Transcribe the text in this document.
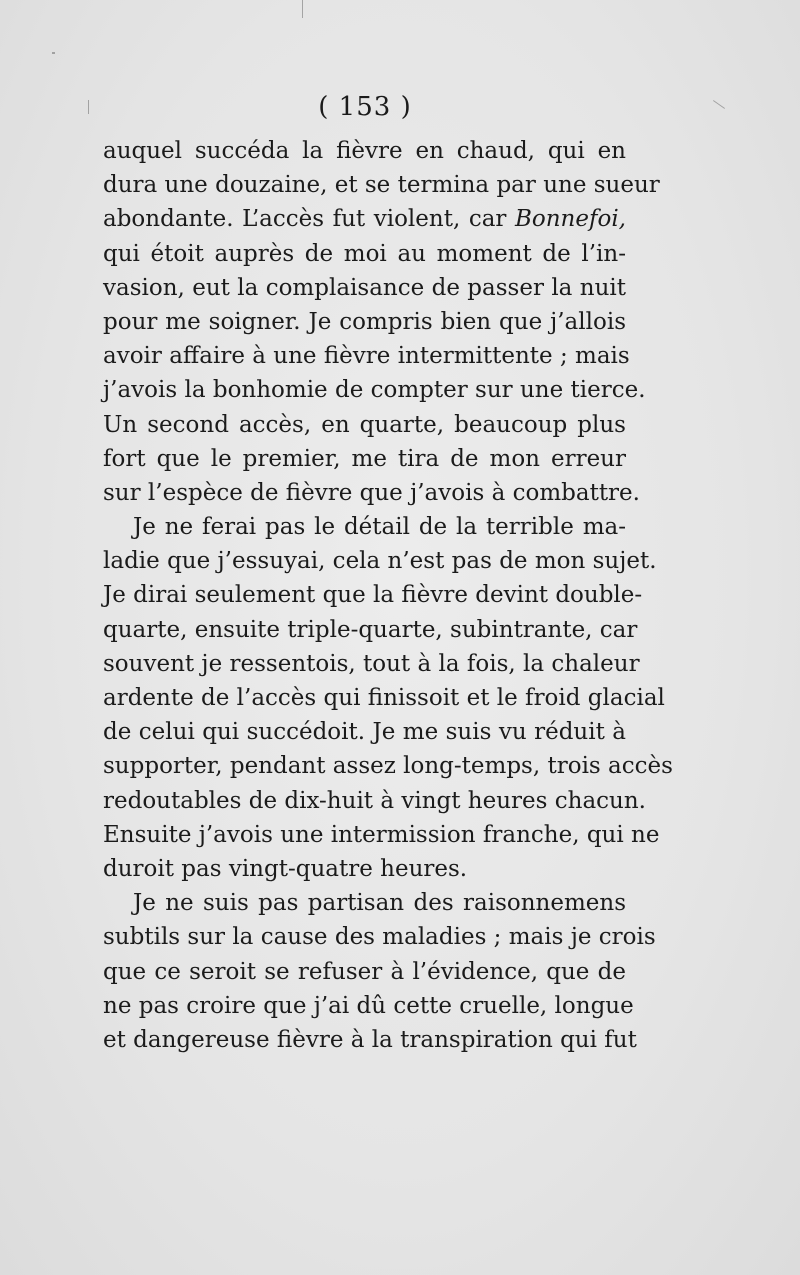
( 153 )
auquel succéda la fièvre en chaud, qui en
dura une douzaine, et se termina par une sueur
abondante. L’accès fut violent, car Bonnefoi,
qui étoit auprès de moi au moment de l’in-
vasion, eut la complaisance de passer la nuit
pour me soigner. Je compris bien que j’allois
avoir affaire à une fièvre intermittente ; mais
j’avois la bonhomie de compter sur une tierce.
Un second accès, en quarte, beaucoup plus
fort que le premier, me tira de mon erreur
sur l’espèce de fièvre que j’avois à combattre.
Je ne ferai pas le détail de la terrible ma-
ladie que j’essuyai, cela n’est pas de mon sujet.
Je dirai seulement que la fièvre devint double-
quarte, ensuite triple-quarte, subintrante, car
souvent je ressentois, tout à la fois, la chaleur
ardente de l’accès qui finissoit et le froid glacial
de celui qui succédoit. Je me suis vu réduit à
supporter, pendant assez long-temps, trois accès
redoutables de dix-huit à vingt heures chacun.
Ensuite j’avois une intermission franche, qui ne
duroit pas vingt-quatre heures.
Je ne suis pas partisan des raisonnemens
subtils sur la cause des maladies ; mais je crois
que ce seroit se refuser à l’évidence, que de
ne pas croire que j’ai dû cette cruelle, longue
et dangereuse fièvre à la transpiration qui fut
